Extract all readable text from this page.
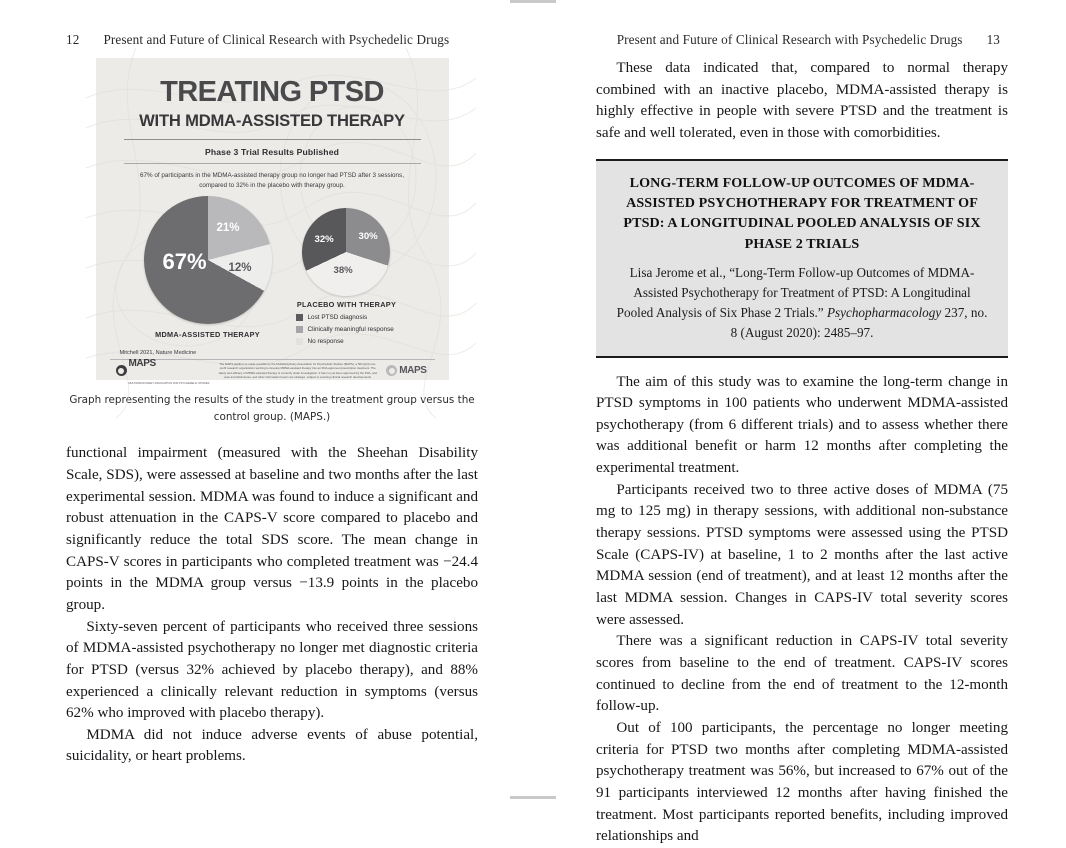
12 Present and Future of Clinical Research with Psychedelic Drugs	Present and Future of Clinical Research with Psychedelic Drugs 13
TREATING PTSD
WITH MDMA-ASSISTED THERAPY
Phase 3 Trial Results Published
67% of participants in the MDMA-assisted therapy group no longer had PTSD after 3 sessions, compared to 32% in the placebo with therapy group.
67%
21%
12%
MDMA-ASSISTED THERAPY
32%	30%
38%
PLACEBO WITH THERAPY
Lost PTSD diagnosis
Clinically meaningful response
No response
Mitchell 2021, Nature Medicine
MAPS
MULTIDISCIPLINARY ASSOCIATION FOR PSYCHEDELIC STUDIES
The MAPS platform is made possible by the Multidisciplinary Association for Psychedelic Studies (MAPS), a 501(c)(3) non-profit research organization working to develop MDMA-assisted therapy into an FDA-approved prescription treatment. The safety and efficacy of MDMA-assisted therapy is currently under investigation. It has not yet been approved by the FDA, and uses and disclosures, and other information herein are strategic, subject to evolving clinical research developments.
MAPS
Graph representing the results of the study in the treatment group versus the control group. (MAPS.)

functional impairment (measured with the Sheehan Disability Scale, SDS), were assessed at baseline and two months after the last experimental session. MDMA was found to induce a significant and robust attenuation in the CAPS-V score compared to placebo and significantly reduce the total SDS score. The mean change in CAPS-V scores in participants who completed treatment was −24.4 points in the MDMA group versus −13.9 points in the placebo group.

Sixty-seven percent of participants who received three sessions of MDMA-assisted psychotherapy no longer met diagnostic criteria for PTSD (versus 32% achieved by placebo therapy), and 88% experienced a clinically relevant reduction in symptoms (versus 62% who improved with placebo therapy).

MDMA did not induce adverse events of abuse potential, suicidality, or heart problems.

These data indicated that, compared to normal therapy combined with an inactive placebo, MDMA-assisted therapy is highly effective in people with severe PTSD and the treatment is safe and well tolerated, even in those with comorbidities.

LONG-TERM FOLLOW-UP OUTCOMES OF MDMA-ASSISTED PSYCHOTHERAPY FOR TREATMENT OF PTSD: A LONGITUDINAL POOLED ANALYSIS OF SIX PHASE 2 TRIALS

Lisa Jerome et al., “Long-Term Follow-up Outcomes of MDMA-Assisted Psychotherapy for Treatment of PTSD: A Longitudinal Pooled Analysis of Six Phase 2 Trials.” Psychopharmacology 237, no. 8 (August 2020): 2485–97.

The aim of this study was to examine the long-term change in PTSD symptoms in 100 patients who underwent MDMA-assisted psychotherapy (from 6 different trials) and to assess whether there was additional benefit or harm 12 months after completing the experimental treatment.

Participants received two to three active doses of MDMA (75 mg to 125 mg) in therapy sessions, with additional non-substance therapy sessions. PTSD symptoms were assessed using the PTSD Scale (CAPS-IV) at baseline, 1 to 2 months after the last active MDMA session (end of treatment), and at least 12 months after the last MDMA session. Changes in CAPS-IV total severity scores were assessed.

There was a significant reduction in CAPS-IV total severity scores from baseline to the end of treatment. CAPS-IV scores continued to decline from the end of treatment to the 12-month follow-up.

Out of 100 participants, the percentage no longer meeting criteria for PTSD two months after completing MDMA-assisted psychotherapy treatment was 56%, but increased to 67% out of the 91 participants interviewed 12 months after having finished the treatment. Most participants reported benefits, including improved relationships and
